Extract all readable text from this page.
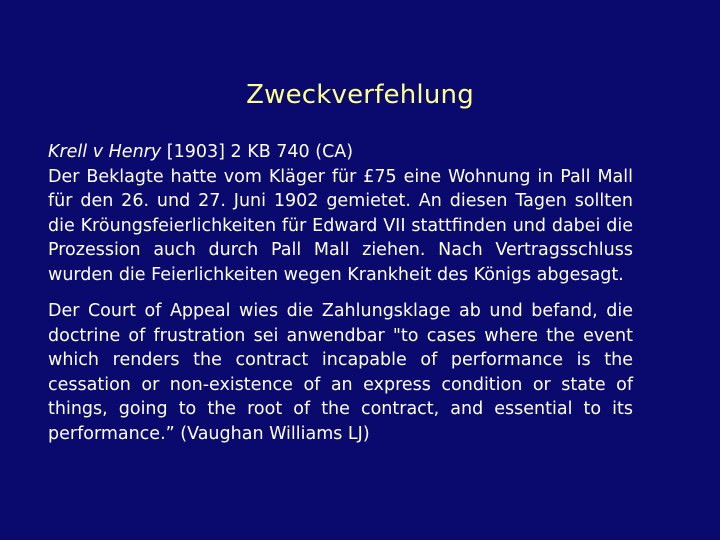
Zweckverfehlung

Krell v Henry [1903] 2 KB 740 (CA)

Der Beklagte hatte vom Kläger für £75 eine Wohnung in Pall Mall für den 26. und 27. Juni 1902 gemietet. An diesen Tagen sollten die Kröungsfeierlichkeiten für Edward VII stattfinden und dabei die Prozession auch durch Pall Mall ziehen. Nach Vertragsschluss wurden die Feierlichkeiten wegen Krankheit des Königs abgesagt.

Der Court of Appeal wies die Zahlungsklage ab und befand, die doctrine of frustration sei anwendbar "to cases where the event which renders the contract incapable of performance is the cessation or non-existence of an express condition or state of things, going to the root of the contract, and essential to its performance.” (Vaughan Williams LJ)
